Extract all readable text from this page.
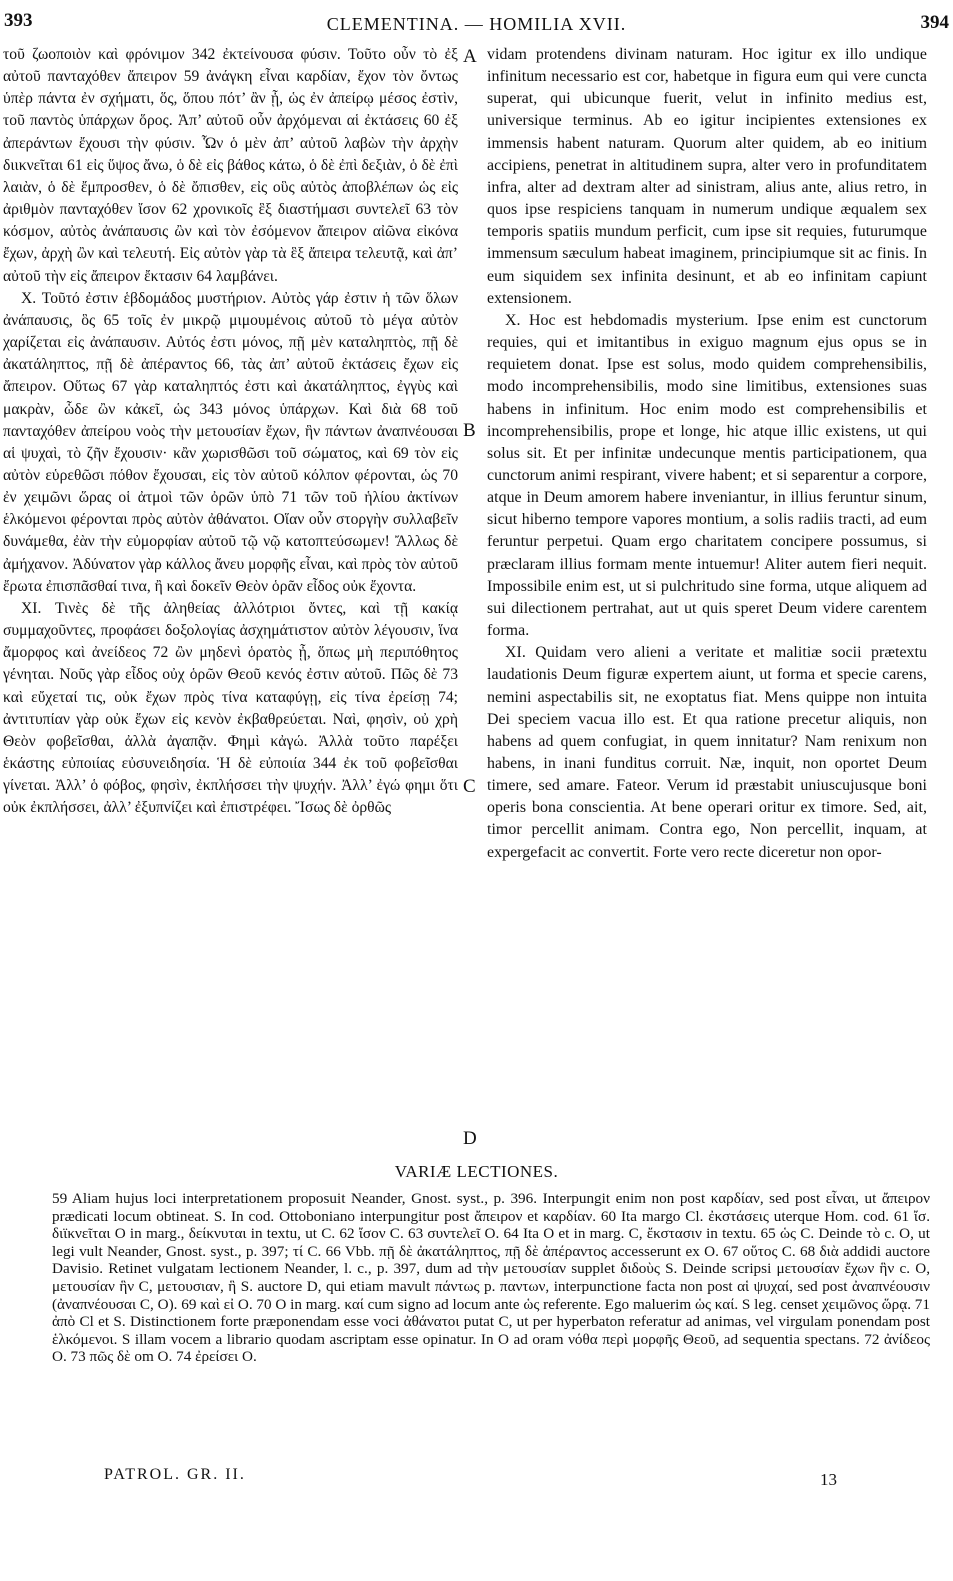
393	CLEMENTINA. — HOMILIA XVII.	394

τοῦ ζωοποιὸν καὶ φρόνιμον 342 ἐκτείνουσα φύσιν. Τοῦτο οὖν τὸ ἐξ αὐτοῦ πανταχόθεν ἄπειρον 59 ἀνάγκη εἶναι καρδίαν, ἔχον τὸν ὄντως ὑπὲρ πάντα ἐν σχήματι, ὅς, ὅπου πότ’ ἂν ᾖ, ὡς ἐν ἀπείρῳ μέσος ἐστὶν, τοῦ παντὸς ὑπάρχων ὅρος. Ἀπ’ αὐτοῦ οὖν ἀρχόμεναι αἱ ἐκτάσεις 60 ἐξ ἀπεράντων ἔχουσι τὴν φύσιν. Ὧν ὁ μὲν ἀπ’ αὐτοῦ λαβὼν τὴν ἀρχὴν διικνεῖται 61 εἰς ὕψος ἄνω, ὁ δὲ εἰς βάθος κάτω, ὁ δὲ ἐπὶ δεξιὰν, ὁ δὲ ἐπὶ λαιὰν, ὁ δὲ ἔμπροσθεν, ὁ δὲ ὄπισθεν, εἰς οὓς αὐτὸς ἀποβλέπων ὡς εἰς ἀριθμὸν πανταχόθεν ἴσον 62 χρονικοῖς ἓξ διαστήμασι συντελεῖ 63 τὸν κόσμον, αὐτὸς ἀνάπαυσις ὢν καὶ τὸν ἐσόμενον ἄπειρον αἰῶνα εἰκόνα ἔχων, ἀρχὴ ὢν καὶ τελευτή. Εἰς αὐτὸν γὰρ τὰ ἓξ ἄπειρα τελευτᾷ, καὶ ἀπ’ αὐτοῦ τὴν εἰς ἄπειρον ἔκτασιν 64 λαμβάνει.

X. Τοῦτό ἐστιν ἑβδομάδος μυστήριον. Αὐτὸς γάρ ἐστιν ἡ τῶν ὅλων ἀνάπαυσις, ὃς 65 τοῖς ἐν μικρῷ μιμουμένοις αὐτοῦ τὸ μέγα αὐτὸν χαρίζεται εἰς ἀνάπαυσιν. Αὐτός ἐστι μόνος, πῇ μὲν καταληπτὸς, πῇ δὲ ἀκατάληπτος, πῇ δὲ ἀπέραντος 66, τὰς ἀπ’ αὐτοῦ ἐκτάσεις ἔχων εἰς ἄπειρον. Οὕτως 67 γὰρ καταληπτός ἐστι καὶ ἀκατάληπτος, ἐγγὺς καὶ μακρὰν, ὧδε ὢν κἀκεῖ, ὡς 343 μόνος ὑπάρχων. Καὶ διὰ 68 τοῦ πανταχόθεν ἀπείρου νοὸς τὴν μετουσίαν ἔχων, ἣν πάντων ἀναπνέουσαι αἱ ψυχαὶ, τὸ ζῆν ἔχουσιν· κἂν χωρισθῶσι τοῦ σώματος, καὶ 69 τὸν εἰς αὐτὸν εὑρεθῶσι πόθον ἔχουσαι, εἰς τὸν αὐτοῦ κόλπον φέρονται, ὡς 70 ἐν χειμῶνι ὥρας οἱ ἀτμοὶ τῶν ὀρῶν ὑπὸ 71 τῶν τοῦ ἡλίου ἀκτίνων ἑλκόμενοι φέρονται πρὸς αὐτὸν ἀθάνατοι. Οἵαν οὖν στοργὴν συλλαβεῖν δυνάμεθα, ἐὰν τὴν εὐμορφίαν αὐτοῦ τῷ νῷ κατοπτεύσωμεν! Ἄλλως δὲ ἀμήχανον. Ἀδύνατον γὰρ κάλλος ἄνευ μορφῆς εἶναι, καὶ πρὸς τὸν αὐτοῦ ἔρωτα ἐπισπᾶσθαί τινα, ἢ καὶ δοκεῖν Θεὸν ὁρᾶν εἶδος οὐκ ἔχοντα.

XI. Τινὲς δὲ τῆς ἀληθείας ἀλλότριοι ὄντες, καὶ τῇ κακίᾳ συμμαχοῦντες, προφάσει δοξολογίας ἀσχημάτιστον αὐτὸν λέγουσιν, ἵνα ἄμορφος καὶ ἀνείδεος 72 ὢν μηδενὶ ὁρατὸς ᾖ, ὅπως μὴ περιπόθητος γένηται. Νοῦς γὰρ εἶδος οὐχ ὁρῶν Θεοῦ κενός ἐστιν αὐτοῦ. Πῶς δὲ 73 καὶ εὔχεταί τις, οὐκ ἔχων πρὸς τίνα καταφύγῃ, εἰς τίνα ἐρείσῃ 74; ἀντιτυπίαν γὰρ οὐκ ἔχων εἰς κενὸν ἐκβαθρεύεται. Ναὶ, φησὶν, οὐ χρὴ Θεὸν φοβεῖσθαι, ἀλλὰ ἀγαπᾷν. Φημὶ κἀγώ. Ἀλλὰ τοῦτο παρέξει ἑκάστης εὐποιίας εὐσυνειδησία. Ἡ δὲ εὐποιία 344 ἐκ τοῦ φοβεῖσθαι γίνεται. Ἀλλ’ ὁ φόβος, φησὶν, ἐκπλήσσει τὴν ψυχήν. Ἀλλ’ ἐγώ φημι ὅτι οὐκ ἐκπλήσσει, ἀλλ’ ἐξυπνίζει καὶ ἐπιστρέφει. Ἴσως δὲ ὀρθῶς

A
B
C
D

vidam protendens divinam naturam. Hoc igitur ex illo undique infinitum necessario est cor, habetque in figura eum qui vere cuncta superat, qui ubicunque fuerit, velut in infinito medius est, universique terminus. Ab eo igitur incipientes extensiones ex immensis habent naturam. Quorum alter quidem, ab eo initium accipiens, penetrat in altitudinem supra, alter vero in profunditatem infra, alter ad dextram alter ad sinistram, alius ante, alius retro, in quos ipse respiciens tanquam in numerum undique æqualem sex temporis spatiis mundum perficit, cum ipse sit requies, futurumque immensum sæculum habeat imaginem, principiumque sit ac finis. In eum siquidem sex infinita desinunt, et ab eo infinitam capiunt extensionem.

X. Hoc est hebdomadis mysterium. Ipse enim est cunctorum requies, qui et imitantibus in exiguo magnum ejus opus se in requietem donat. Ipse est solus, modo quidem comprehensibilis, modo incomprehensibilis, modo sine limitibus, extensiones suas habens in infinitum. Hoc enim modo est comprehensibilis et incomprehensibilis, prope et longe, hic atque illic existens, ut qui solus sit. Et per infinitæ undecunque mentis participationem, qua cunctorum animi respirant, vivere habent; et si separentur a corpore, atque in Deum amorem habere inveniantur, in illius feruntur sinum, sicut hiberno tempore vapores montium, a solis radiis tracti, ad eum feruntur perpetui. Quam ergo charitatem concipere possumus, si præclaram illius formam mente intuemur! Aliter autem fieri nequit. Impossibile enim est, ut si pulchritudo sine forma, utque aliquem ad sui dilectionem pertrahat, aut ut quis speret Deum videre carentem forma.

XI. Quidam vero alieni a veritate et malitiæ socii prætextu laudationis Deum figuræ expertem aiunt, ut forma et specie carens, nemini aspectabilis sit, ne exoptatus fiat. Mens quippe non intuita Dei speciem vacua illo est. Et qua ratione precetur aliquis, non habens ad quem confugiat, in quem innitatur? Nam renixum non habens, in inani funditus corruit. Næ, inquit, non oportet Deum timere, sed amare. Fateor. Verum id præstabit uniuscujusque boni operis bona conscientia. At bene operari oritur ex timore. Sed, ait, timor percellit animam. Contra ego, Non percellit, inquam, at expergefacit ac convertit. Forte vero recte diceretur non opor-

VARIÆ LECTIONES.
59 Aliam hujus loci interpretationem proposuit Neander, Gnost. syst., p. 396. Interpungit enim non post καρδίαν, sed post εἶναι, ut ἄπειρον prædicati locum obtineat. S. In cod. Ottoboniano interpungitur post ἄπειρον et καρδίαν. 60 Ita margo Cl. ἐκστάσεις uterque Hom. cod. 61 ἴσ. διϊκνεῖται O in marg., δείκνυται in textu, ut C. 62 ἴσον C. 63 συντελεῖ O. 64 Ita O et in marg. C, ἔκστασιν in textu. 65 ὡς C. Deinde τὸ c. O, ut legi vult Neander, Gnost. syst., p. 397; τί C. 66 Vbb. πῇ δὲ ἀκατάληπτος, πῇ δὲ ἀπέραντος accesserunt ex O. 67 οὕτος C. 68 διὰ addidi auctore Davisio. Retinet vulgatam lectionem Neander, l. c., p. 397, dum ad τὴν μετουσίαν supplet διδοὺς S. Deinde scripsi μετουσίαν ἔχων ἣν c. O, μετουσίαν ἣν C, μετουσιαν, ἣ S. auctore D, qui etiam mavult πάντως p. παντων, interpunctione facta non post αἱ ψυχαί, sed post ἀναπνέουσιν (ἀναπνέουσαι C, O). 69 καὶ εἰ O. 70 O in marg. καί cum signo ad locum ante ὡς referente. Ego maluerim ὡς καί. S leg. censet χειμῶνος ὥρᾳ. 71 ἀπὸ Cl et S. Distinctionem forte præponendam esse voci ἀθάνατοι putat C, ut per hyperbaton referatur ad animas, vel virgulam ponendam post ἑλκόμενοι. S illam vocem a librario quodam ascriptam esse opinatur. In O ad oram νόθα περὶ μορφῆς Θεοῦ, ad sequentia spectans. 72 ἀνίδεος O. 73 πῶς δὲ om O. 74 ἐρείσει O.
PATROL. GR. II.	13
